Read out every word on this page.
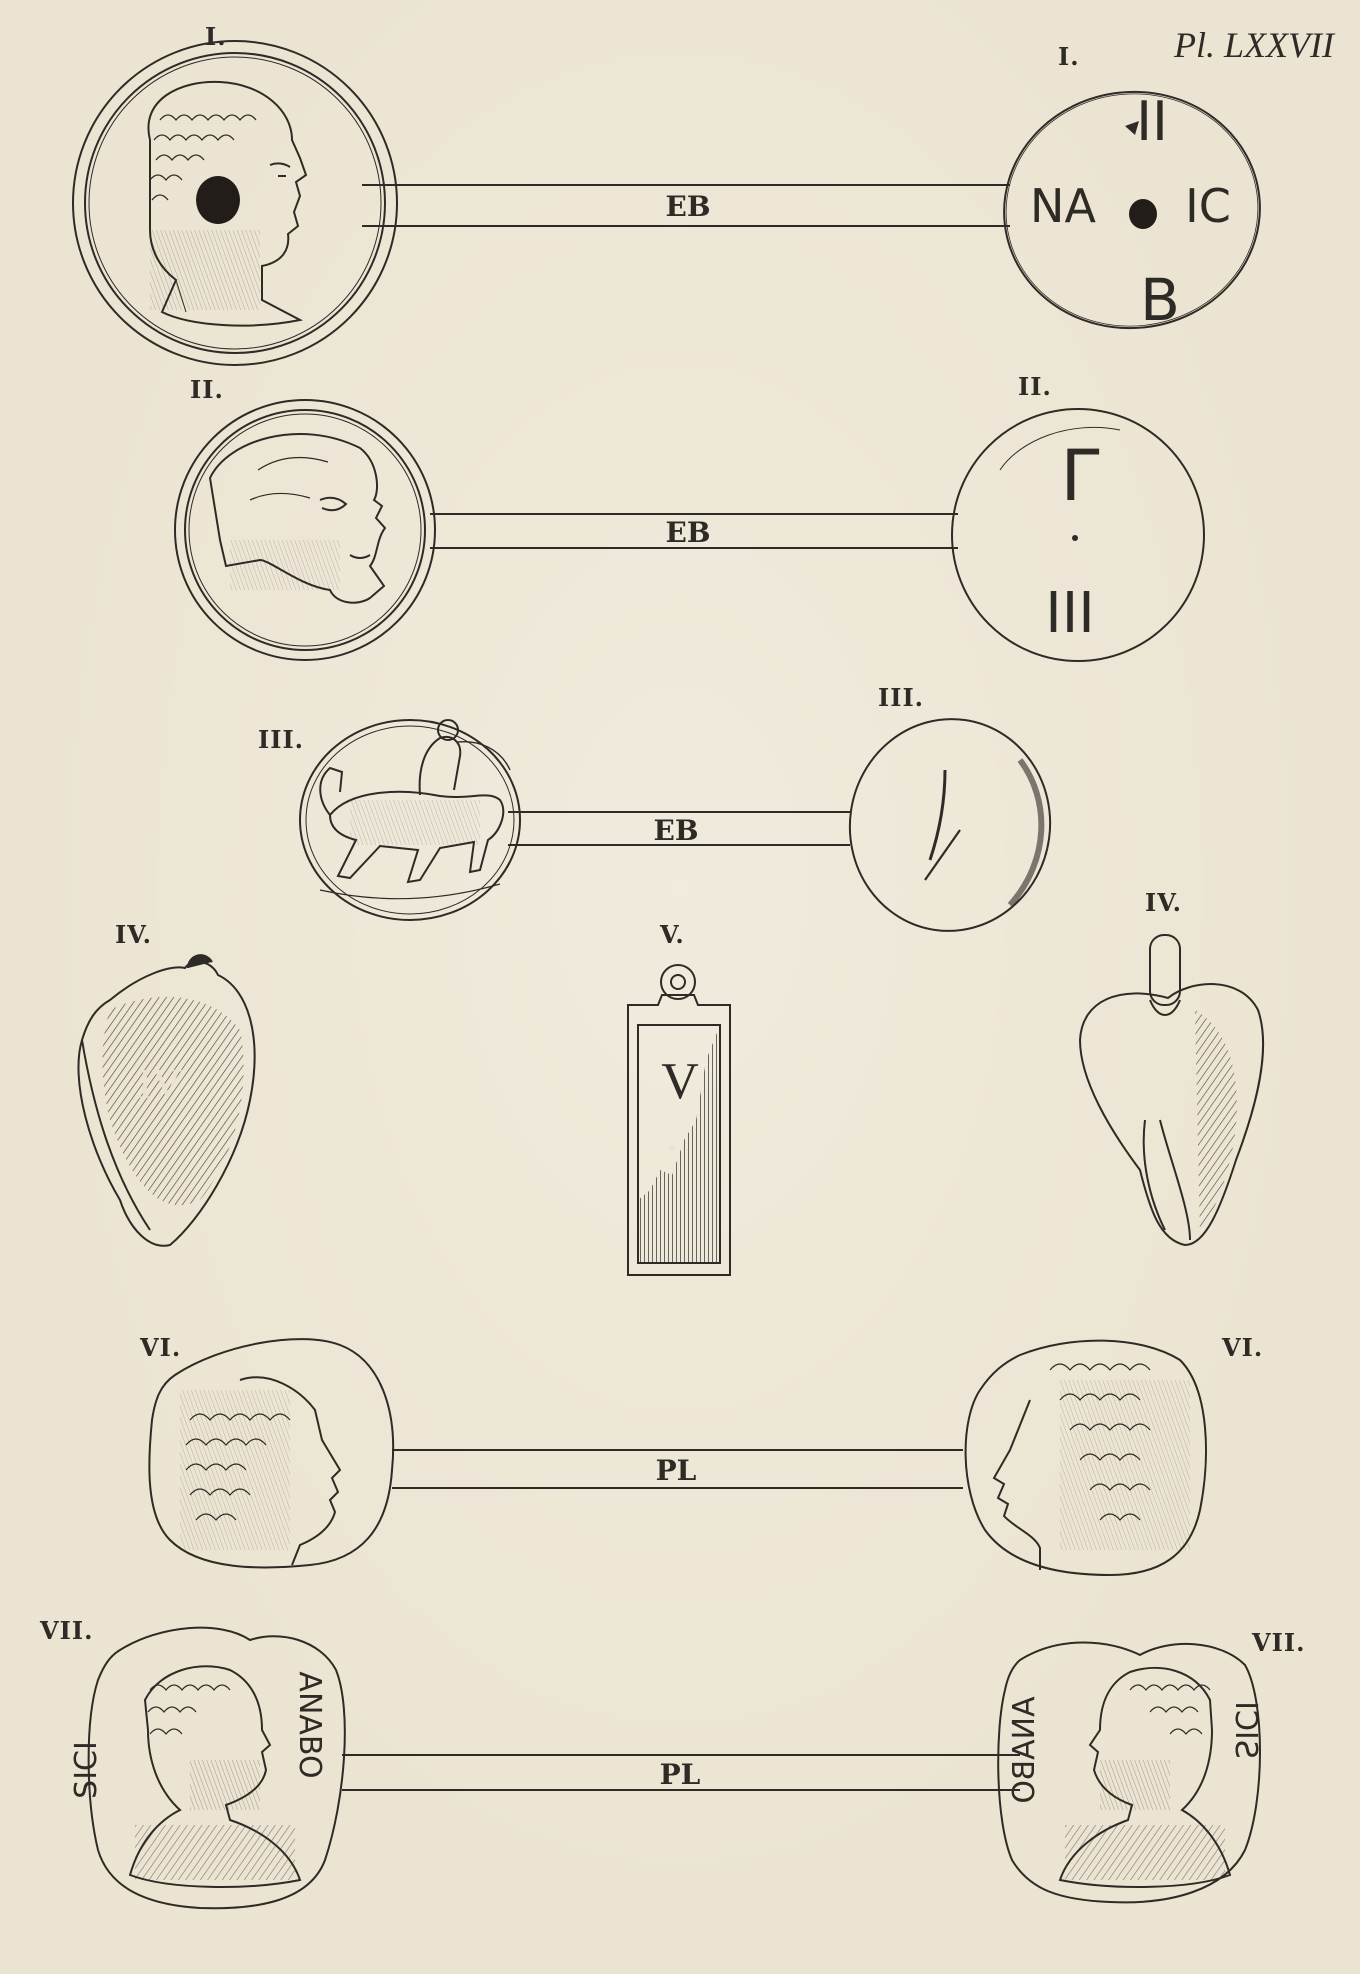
Pl. LXXVII
I.
I.
II.	II.
III.
III.
IV.	V.
IV.
VI.	VI.
VII.	VII.
EB
EB
EB
PL
PL
II
NA IC
B
Γ
III
IV	V
SICI	ANABO	ANABO	SICI
